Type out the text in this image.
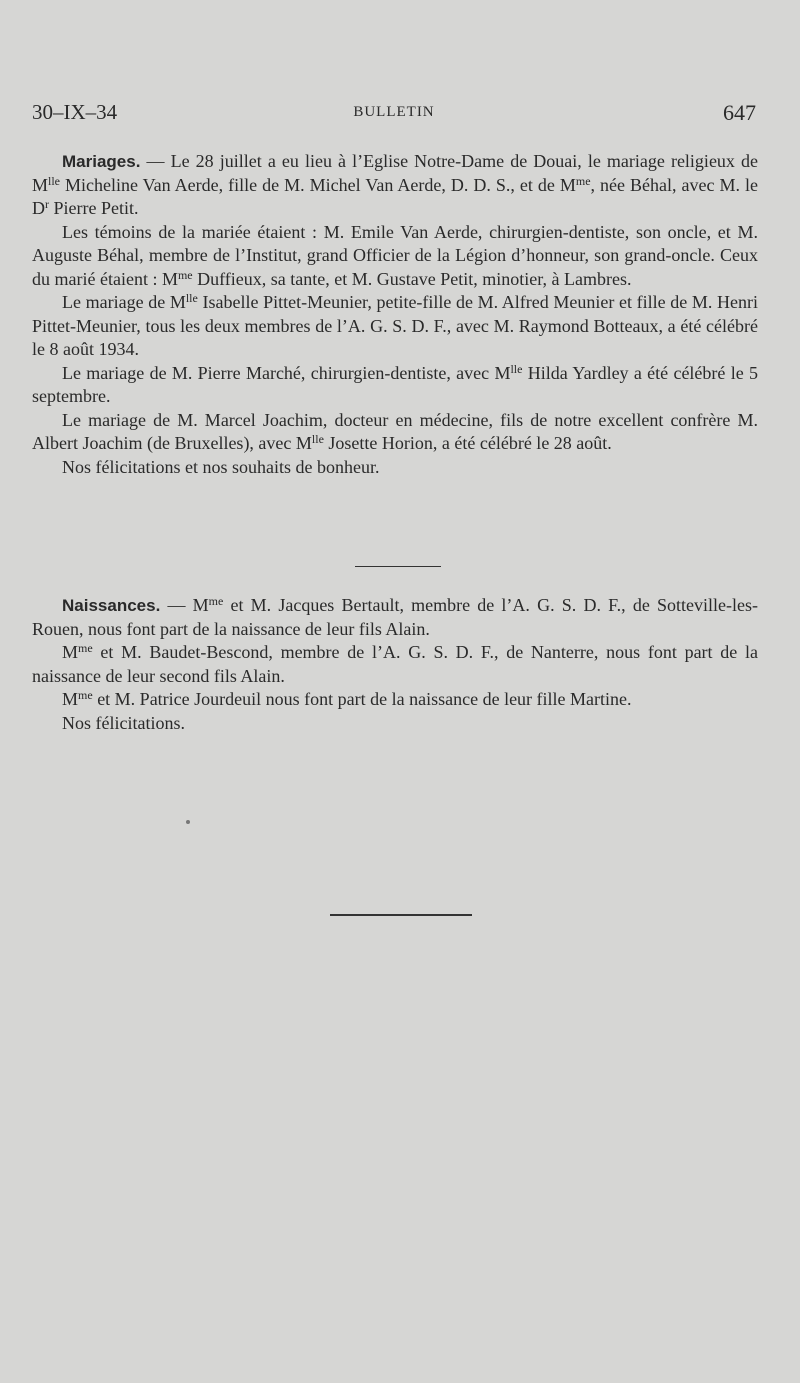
30–IX–34	BULLETIN	647

Mariages. — Le 28 juillet a eu lieu à l’Eglise Notre-Dame de Douai, le mariage religieux de $M^{lle}$ Micheline Van Aerde, fille de M. Michel Van Aerde, D. D. S., et de $M^{me}$, née Béhal, avec M. le $D^r$ Pierre Petit.

Les témoins de la mariée étaient : M. Emile Van Aerde, chirurgien-dentiste, son oncle, et M. Auguste Béhal, membre de l’Institut, grand Officier de la Légion d’honneur, son grand-oncle. Ceux du marié étaient : $M^{me}$ Duffieux, sa tante, et M. Gustave Petit, minotier, à Lambres.

Le mariage de $M^{lle}$ Isabelle Pittet-Meunier, petite-fille de M. Alfred Meunier et fille de M. Henri Pittet-Meunier, tous les deux membres de l’A. G. S. D. F., avec M. Raymond Botteaux, a été célébré le 8 août 1934.

Le mariage de M. Pierre Marché, chirurgien-dentiste, avec $M^{lle}$ Hilda Yardley a été célébré le 5 septembre.

Le mariage de M. Marcel Joachim, docteur en médecine, fils de notre excellent confrère M. Albert Joachim (de Bruxelles), avec $M^{lle}$ Josette Horion, a été célébré le 28 août.

Nos félicitations et nos souhaits de bonheur.

Naissances. — $M^{me}$ et M. Jacques Bertault, membre de l’A. G. S. D. F., de Sotteville-les-Rouen, nous font part de la naissance de leur fils Alain.

$M^{me}$ et M. Baudet-Bescond, membre de l’A. G. S. D. F., de Nanterre, nous font part de la naissance de leur second fils Alain.

$M^{me}$ et M. Patrice Jourdeuil nous font part de la naissance de leur fille Martine.

Nos félicitations.
